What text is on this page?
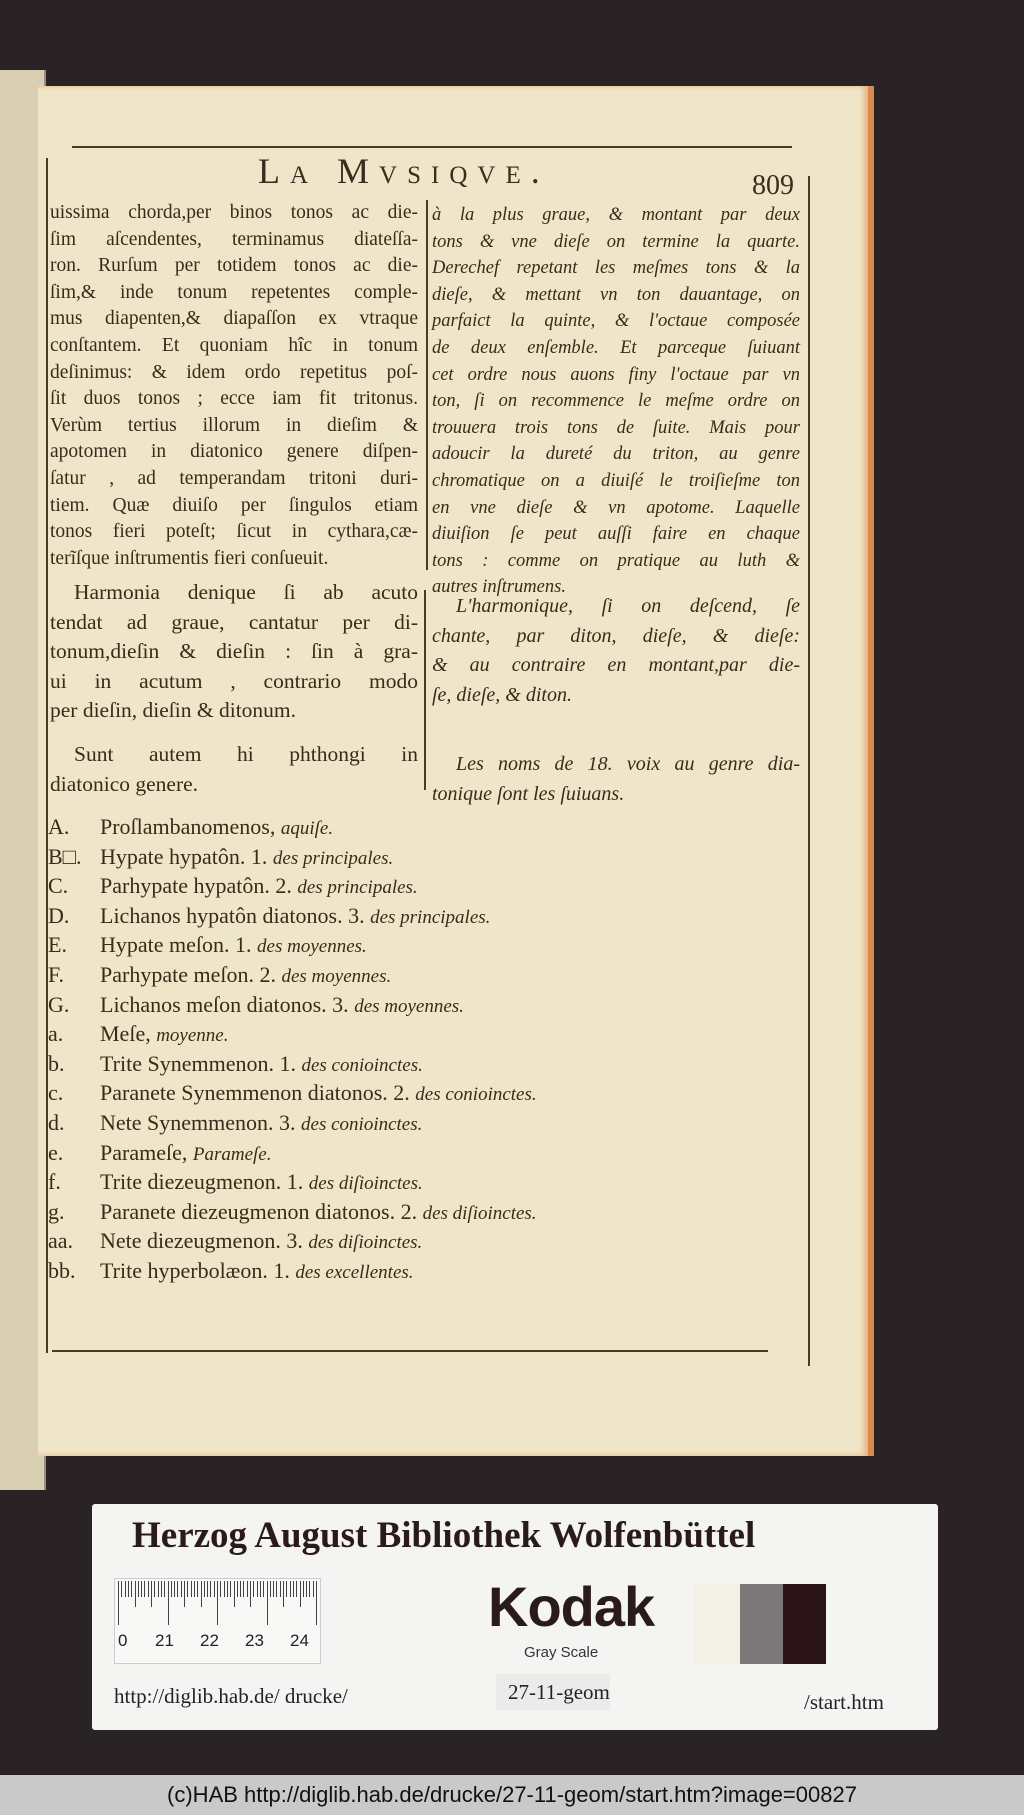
La Mvsiqve.	809
uissima chorda,per binos tonos ac die-
ſim aſcendentes, terminamus diateſſa-
ron. Rurſum per totidem tonos ac die-
ſim,& inde tonum repetentes comple-
mus diapenten,& diapaſſon ex vtraque
conſtantem. Et quoniam hîc in tonum
deſinimus: & idem ordo repetitus poſ-
ſit duos tonos ; ecce iam fit tritonus.
Verùm tertius illorum in dieſim &
apotomen in diatonico genere diſpen-
ſatur , ad temperandam tritoni duri-
tiem. Quæ diuiſo per ſingulos etiam
tonos fieri poteſt; ſicut in cythara,cæ-
terĩſque inſtrumentis fieri conſueuit.
à la plus graue, & montant par deux
tons & vne dieſe on termine la quarte.
Derechef repetant les meſmes tons & la
dieſe, & mettant vn ton dauantage, on
parfaict la quinte, & l'octaue composée
de deux enſemble. Et parceque ſuiuant
cet ordre nous auons finy l'octaue par vn
ton, ſi on recommence le meſme ordre on
trouuera trois tons de ſuite. Mais pour
adoucir la dureté du triton, au genre
chromatique on a diuiſé le troiſieſme ton
en vne dieſe & vn apotome. Laquelle
diuiſion ſe peut auſſi faire en chaque
tons : comme on pratique au luth &
autres inſtrumens.
Harmonia denique ſi ab acuto
tendat ad graue, cantatur per di-
tonum,dieſin & dieſin : ſin à gra-
ui in acutum , contrario modo
per dieſin, dieſin & ditonum.
Sunt autem hi phthongi in
diatonico genere.
L'harmonique, ſi on deſcend, ſe
chante, par diton, dieſe, & dieſe:
& au contraire en montant,par die-
ſe, dieſe, & diton.
Les noms de 18. voix au genre dia-
tonique ſont les ſuiuans.
A. Proſlambanomenos, aquiſe.
B□. Hypate hypatôn. 1. des principales.
C. Parhypate hypatôn. 2. des principales.
D. Lichanos hypatôn diatonos. 3. des principales.
E. Hypate meſon. 1. des moyennes.
F. Parhypate meſon. 2. des moyennes.
G. Lichanos meſon diatonos. 3. des moyennes.
a. Meſe, moyenne.
b. Trite Synemmenon. 1. des conioinctes.
c. Paranete Synemmenon diatonos. 2. des conioinctes.
d. Nete Synemmenon. 3. des conioinctes.
e. Parameſe, Parameſe.
f. Trite diezeugmenon. 1. des diſioinctes.
g. Paranete diezeugmenon diatonos. 2. des diſioinctes.
aa. Nete diezeugmenon. 3. des diſioinctes.
bb. Trite hyperbolæon. 1. des excellentes.
Herzog August Bibliothek Wolfenbüttel
0 21 22 23 24
Kodak
Gray Scale
http://diglib.hab.de/ drucke/	27-11-geom	/start.htm
(c)HAB http://diglib.hab.de/drucke/27-11-geom/start.htm?image=00827
